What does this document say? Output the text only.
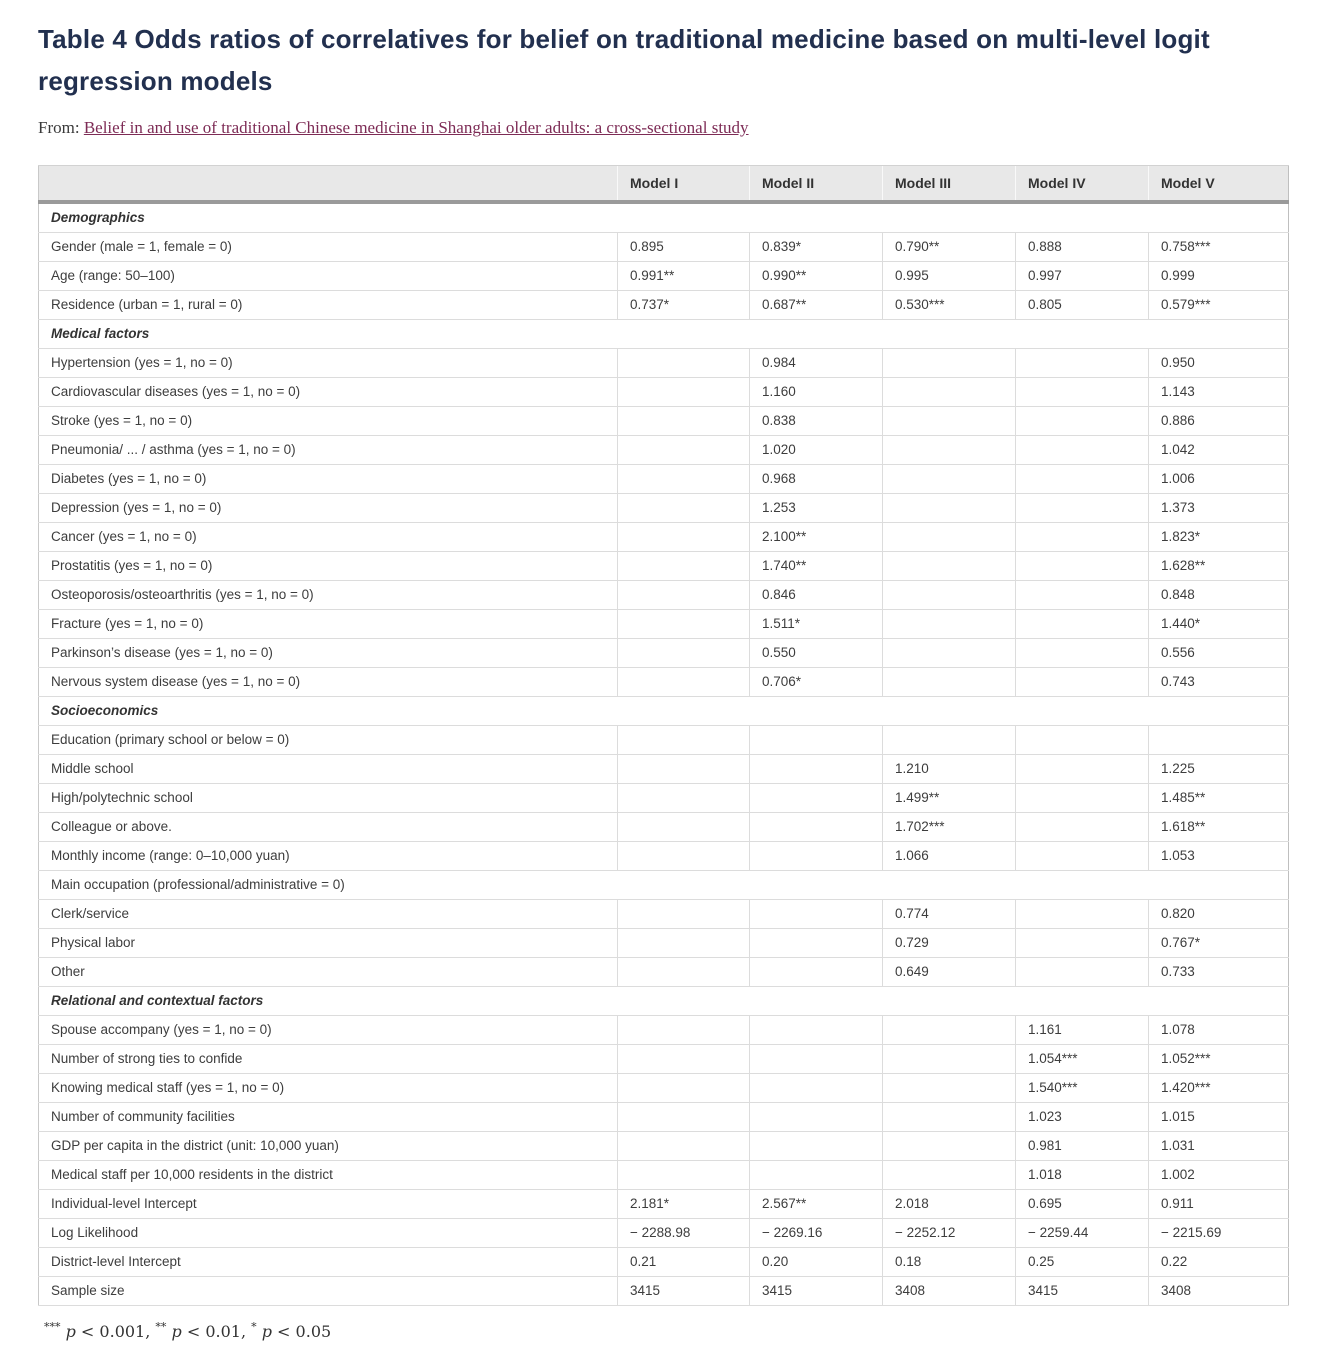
Table 4 Odds ratios of correlatives for belief on traditional medicine based on multi-level logit regression models

From: Belief in and use of traditional Chinese medicine in Shanghai older adults: a cross-sectional study

	Model I	Model II	Model III	Model IV	Model V
Demographics					
Gender (male = 1, female = 0)	0.895	0.839*	0.790**	0.888	0.758***
Age (range: 50–100)	0.991**	0.990**	0.995	0.997	0.999
Residence (urban = 1, rural = 0)	0.737*	0.687**	0.530***	0.805	0.579***
Medical factors					
Hypertension (yes = 1, no = 0)		0.984			0.950
Cardiovascular diseases (yes = 1, no = 0)		1.160			1.143
Stroke (yes = 1, no = 0)		0.838			0.886
Pneumonia/ ... / asthma (yes = 1, no = 0)		1.020			1.042
Diabetes (yes = 1, no = 0)		0.968			1.006
Depression (yes = 1, no = 0)		1.253			1.373
Cancer (yes = 1, no = 0)		2.100**			1.823*
Prostatitis (yes = 1, no = 0)		1.740**			1.628**
Osteoporosis/osteoarthritis (yes = 1, no = 0)		0.846			0.848
Fracture (yes = 1, no = 0)		1.511*			1.440*
Parkinson’s disease (yes = 1, no = 0)		0.550			0.556
Nervous system disease (yes = 1, no = 0)		0.706*			0.743
Socioeconomics					
Education (primary school or below = 0)					
Middle school			1.210		1.225
High/polytechnic school			1.499**		1.485**
Colleague or above.			1.702***		1.618**
Monthly income (range: 0–10,000 yuan)			1.066		1.053
Main occupation (professional/administrative = 0)					
Clerk/service			0.774		0.820
Physical labor			0.729		0.767*
Other			0.649		0.733
Relational and contextual factors					
Spouse accompany (yes = 1, no = 0)				1.161	1.078
Number of strong ties to confide				1.054***	1.052***
Knowing medical staff (yes = 1, no = 0)				1.540***	1.420***
Number of community facilities				1.023	1.015
GDP per capita in the district (unit: 10,000 yuan)				0.981	1.031
Medical staff per 10,000 residents in the district				1.018	1.002
Individual-level Intercept	2.181*	2.567**	2.018	0.695	0.911
Log Likelihood	− 2288.98	− 2269.16	− 2252.12	− 2259.44	− 2215.69
District-level Intercept	0.21	0.20	0.18	0.25	0.22
Sample size	3415	3415	3408	3415	3408

*** p < 0.001, ** p < 0.01, * p < 0.05
